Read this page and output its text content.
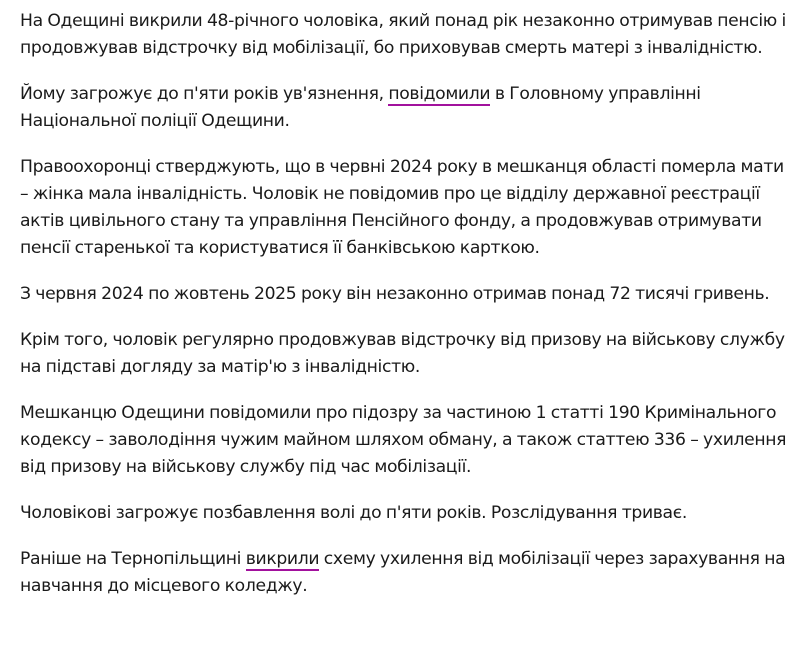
На Одещині викрили 48-річного чоловіка, який понад рік незаконно отримував пенсію і продовжував відстрочку від мобілізації, бо приховував смерть матері з інвалідністю.

Йому загрожує до п'яти років ув'язнення, повідомили в Головному управлінні Національної поліції Одещини.

Правоохоронці стверджують, що в червні 2024 року в мешканця області померла мати – жінка мала інвалідність. Чоловік не повідомив про це відділу державної реєстрації актів цивільного стану та управління Пенсійного фонду, а продовжував отримувати пенсії старенької та користуватися її банківською карткою.

З червня 2024 по жовтень 2025 року він незаконно отримав понад 72 тисячі гривень.

Крім того, чоловік регулярно продовжував відстрочку від призову на військову службу на підставі догляду за матір'ю з інвалідністю.

Мешканцю Одещини повідомили про підозру за частиною 1 статті 190 Кримінального кодексу – заволодіння чужим майном шляхом обману, а також статтею 336 – ухилення від призову на військову службу під час мобілізації.

Чоловікові загрожує позбавлення волі до п'яти років. Розслідування триває.

Раніше на Тернопільщині викрили схему ухилення від мобілізації через зарахування на навчання до місцевого коледжу.
